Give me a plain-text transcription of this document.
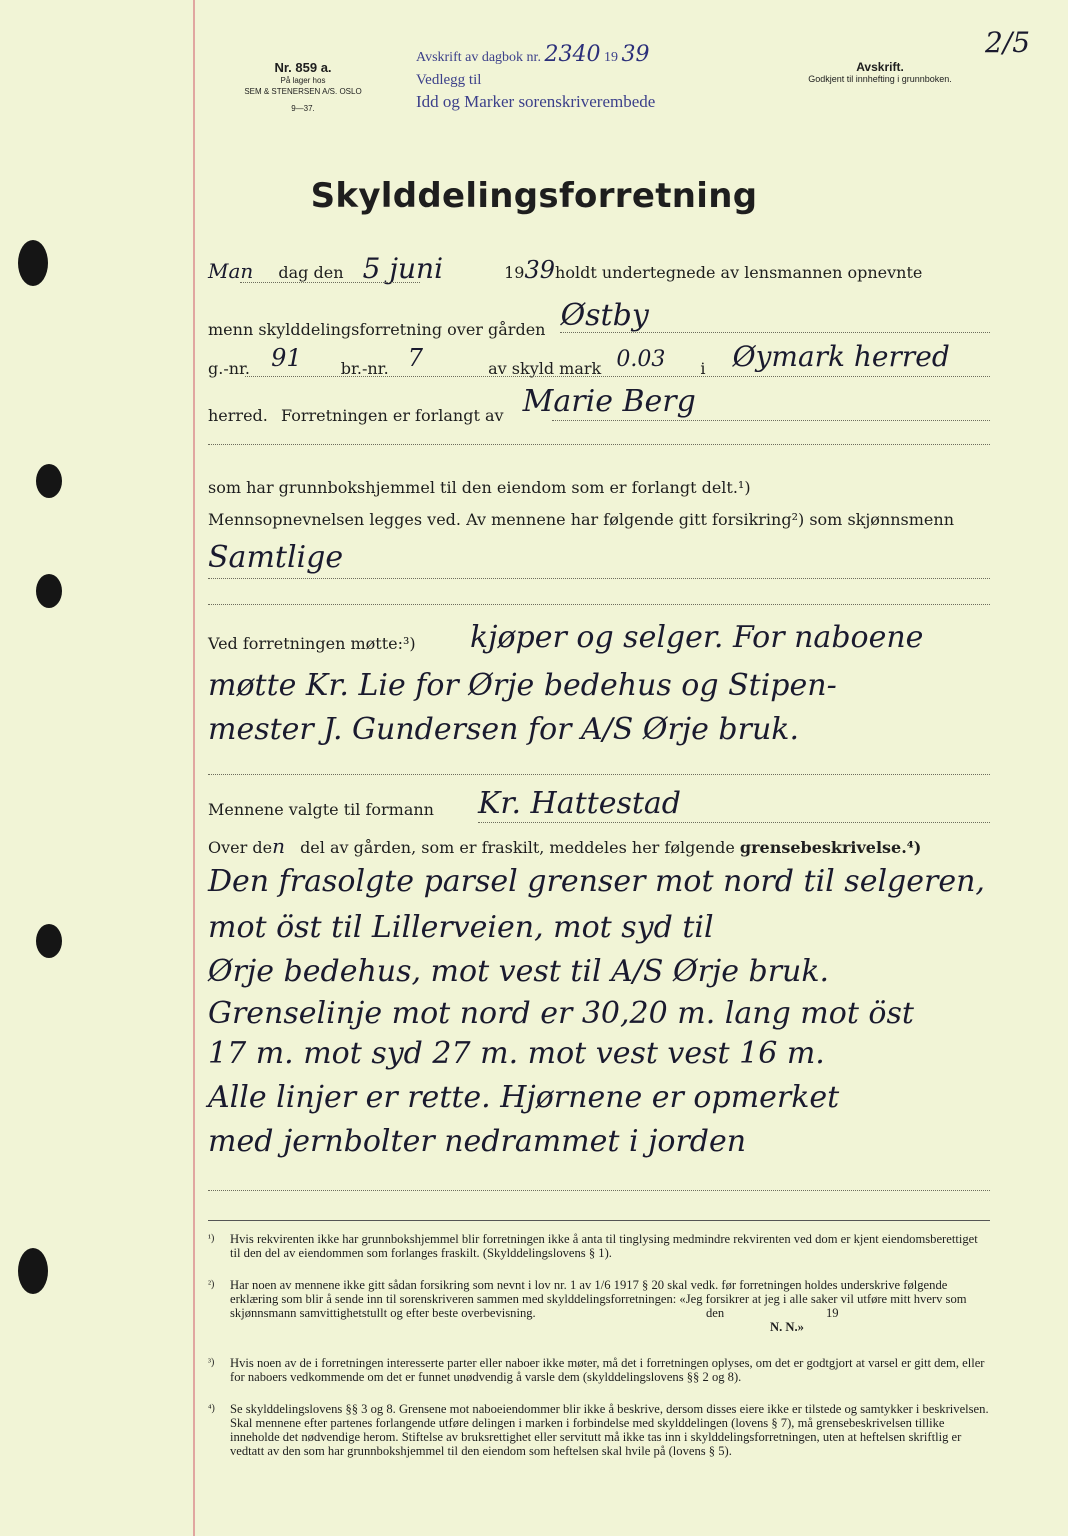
Nr. 859 a.
På lager hos
SEM & STENERSEN A/S. OSLO
9—37.
Avskrift av dagbok nr. 2340 19 39
Vedlegg til
Idd og Marker sorenskriverembede
Avskrift.
Godkjent til innhefting i grunnboken.
2/5
Skylddelingsforretning
Man dag den 5 juni	1939holdt undertegnede av lensmannen opnevnte
menn skylddelingsforretning over gården Østby
g.-nr. 91 br.-nr. 7	av skyld mark 0.03 i Øymark herred
herred. Forretningen er forlangt av Marie Berg
som har grunnbokshjemmel til den eiendom som er forlangt delt.¹)
Mennsopnevnelsen legges ved. Av mennene har følgende gitt forsikring²) som skjønnsmenn
Samtlige
Ved forretningen møtte:³) kjøper og selger. For naboene
møtte Kr. Lie for Ørje bedehus og Stipen-
mester J. Gundersen for A/S Ørje bruk.
Mennene valgte til formann Kr. Hattestad
Over den del av gården, som er fraskilt, meddeles her følgende grensebeskrivelse.⁴)
Den frasolgte parsel grenser mot nord til selgeren,
mot öst til Lillerveien, mot syd til
Ørje bedehus, mot vest til A/S Ørje bruk.
Grenselinje mot nord er 30,20 m. lang mot öst
17 m. mot syd 27 m. mot vest vest 16 m.
Alle linjer er rette. Hjørnene er opmerket
med jernbolter nedrammet i jorden
¹) Hvis rekvirenten ikke har grunnbokshjemmel blir forretningen ikke å anta til tinglysing medmindre rekvirenten ved dom er kjent eiendomsberettiget til den del av eiendommen som forlanges fraskilt. (Skylddelingslovens § 1).
²) Har noen av mennene ikke gitt sådan forsikring som nevnt i lov nr. 1 av 1/6 1917 § 20 skal vedk. før forretningen holdes underskrive følgende erklæring som blir å sende inn til sorenskriveren sammen med skylddelingsforretningen: «Jeg forsikrer at jeg i alle saker vil utføre mitt hverv som skjønnsmann samvittighetstullt og efter beste overbevisning.	den	19
N. N.»
³) Hvis noen av de i forretningen interesserte parter eller naboer ikke møter, må det i forretningen oplyses, om det er godtgjort at varsel er gitt dem, eller for naboers vedkommende om det er funnet unødvendig å varsle dem (skylddelingslovens §§ 2 og 8).
⁴) Se skylddelingslovens §§ 3 og 8. Grensene mot naboeiendommer blir ikke å beskrive, dersom disses eiere ikke er tilstede og samtykker i beskrivelsen. Skal mennene efter partenes forlangende utføre delingen i marken i forbindelse med skylddelingen (lovens § 7), må grensebeskrivelsen tillike inneholde det nødvendige herom. Stiftelse av bruksrettighet eller servitutt må ikke tas inn i skylddelingsforretningen, uten at heftelsen skriftlig er vedtatt av den som har grunnbokshjemmel til den eiendom som heftelsen skal hvile på (lovens § 5).
